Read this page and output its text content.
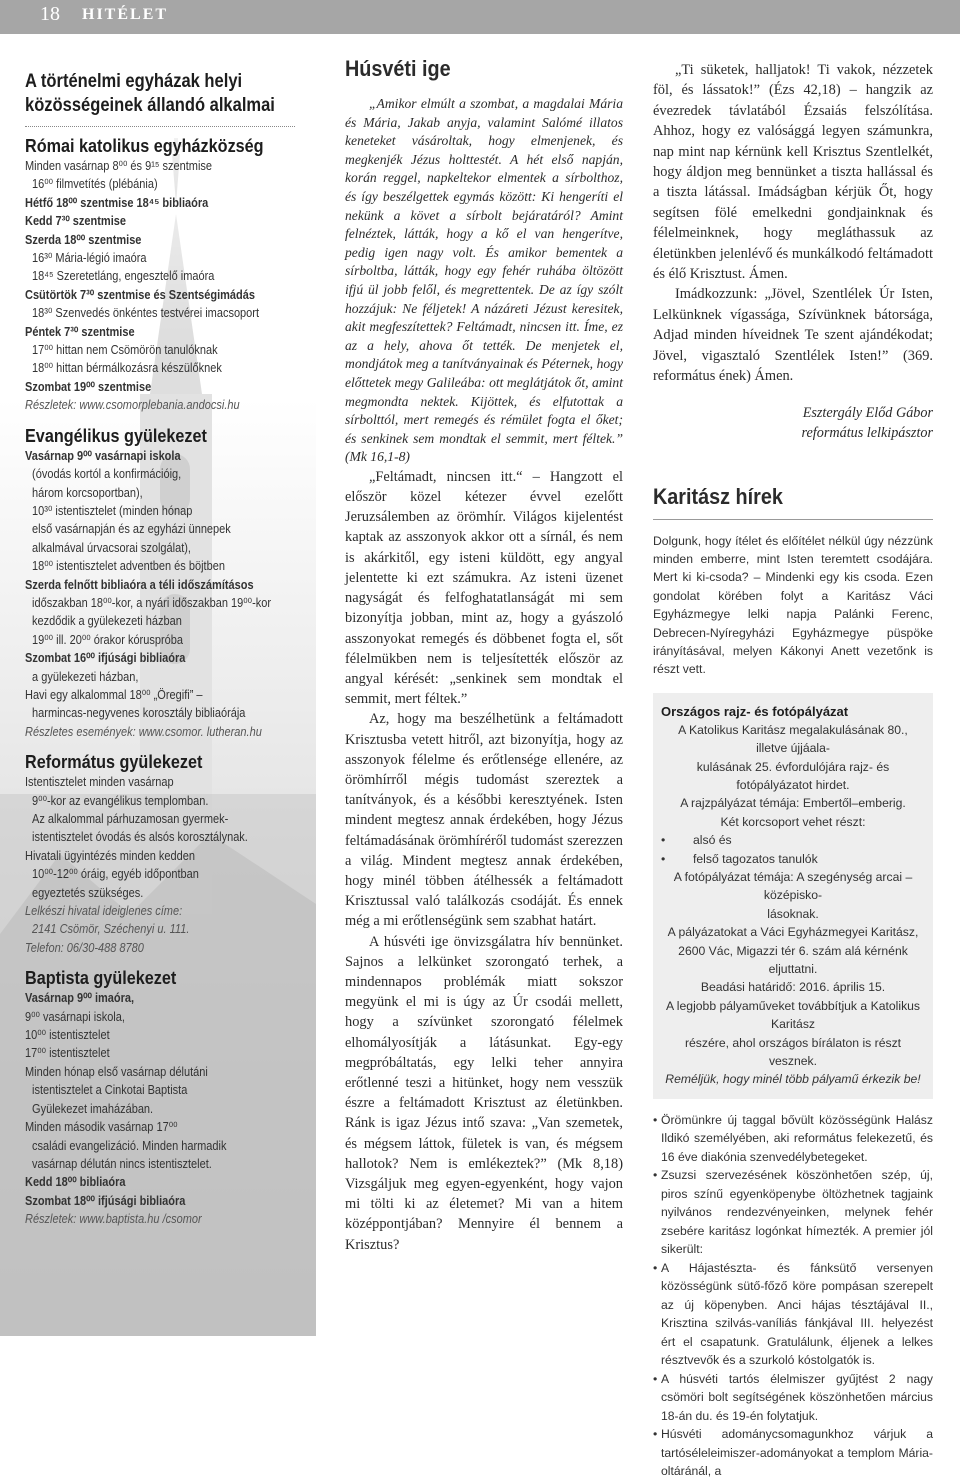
18 HITÉLET
A történelmi egyházak helyi
közösségeinek állandó alkalmai
Római katolikus egyházközség
Minden vasárnap 8⁰⁰ és 9¹⁵ szentmise
16⁰⁰ filmvetítés (plébánia)
Hétfő 18⁰⁰ szentmise 18⁴⁵ bibliaóra
Kedd 7³⁰ szentmise
Szerda 18⁰⁰ szentmise
16³⁰ Mária-légió imaóra
18⁴⁵ Szeretetláng, engesztelő imaóra
Csütörtök 7³⁰ szentmise és Szentségimádás
18³⁰ Szenvedés önkéntes testvérei imacsoport
Péntek 7³⁰ szentmise
17⁰⁰ hittan nem Csömörön tanulóknak
18⁰⁰ hittan bérmálkozásra készülőknek
Szombat 19⁰⁰ szentmise
Részletek: www.csomorplebania.andocsi.hu
Evangélikus gyülekezet
Vasárnap 9⁰⁰ vasárnapi iskola
(óvodás kortól a konfirmációig,
három korcsoportban),
10³⁰ istentisztelet (minden hónap
első vasárnapján és az egyházi ünnepek
alkalmával úrvacsorai szolgálat),
18⁰⁰ istentisztelet adventben és böjtben
Szerda felnőtt bibliaóra a téli időszámításos
időszakban 18⁰⁰-kor, a nyári időszakban 19⁰⁰-kor
kezdődik a gyülekezeti házban
19⁰⁰ ill. 20⁰⁰ órakor kóruspróba
Szombat 16⁰⁰ ifjúsági bibliaóra
a gyülekezeti házban,
Havi egy alkalommal 18⁰⁰ „Öregifi” –
harmincas-negyvenes korosztály bibliaórája
Részletes események: www.csomor. lutheran.hu
Református gyülekezet
Istentisztelet minden vasárnap
9⁰⁰-kor az evangélikus templomban.
Az alkalommal párhuzamosan gyermek-
istentisztelet óvodás és alsós korosztálynak.
Hivatali ügyintézés minden kedden
10⁰⁰-12⁰⁰ óráig, egyéb időpontban
egyeztetés szükséges.
Lelkészi hivatal ideiglenes címe:
2141 Csömör, Széchenyi u. 111.
Telefon: 06/30-488 8780
Baptista gyülekezet
Vasárnap 9⁰⁰ imaóra,
9⁰⁰ vasárnapi iskola,
10⁰⁰ istentisztelet
17⁰⁰ istentisztelet
Minden hónap első vasárnap délutáni
istentisztelet a Cinkotai Baptista
Gyülekezet imaházában.
Minden második vasárnap 17⁰⁰
családi evangelizáció. Minden harmadik
vasárnap délután nincs istentisztelet.
Kedd 18⁰⁰ bibliaóra
Szombat 18⁰⁰ ifjúsági bibliaóra
Részletek: www.baptista.hu /csomor
Húsvéti ige

„Amikor elmúlt a szombat, a magdalai Mária és Mária, Jakab anyja, valamint Salómé illatos keneteket vásároltak, hogy elmenjenek, és megkenjék Jézus holttestét. A hét első napján, korán reggel, napkeltekor elmentek a sírbolthoz, és így beszélgettek egymás között: Ki hengeríti el nekünk a követ a sírbolt bejáratáról? Amint felnéztek, látták, hogy a kő el van hengerítve, pedig igen nagy volt. És amikor bementek a sírboltba, látták, hogy egy fehér ruhába öltözött ifjú ül jobb felől, és megrettentek. De az így szólt hozzájuk: Ne féljetek! A názáreti Jézust keresitek, akit megfeszítettek? Feltámadt, nincsen itt. Íme, ez az a hely, ahova őt tették. De menjetek el, mondjátok meg a tanítványainak és Péternek, hogy előttetek megy Galileába: ott meglátjátok őt, amint megmondta nektek. Kijöttek, és elfutottak a sírbolttól, mert remegés és rémület fogta el őket; és senkinek sem mondtak el semmit, mert féltek.” (Mk 16,1-8)

„Feltámadt, nincsen itt.“ – Hangzott el először közel kétezer évvel ezelőtt Jeruzsálemben az örömhír. Világos kijelentést kaptak az asszonyok akkor ott a sírnál, és nem is akárkitől, egy isteni küldött, egy angyal jelentette ki ezt számukra. Az isteni üzenet nagyságát és felfoghatatlanságát mi sem bizonyítja jobban, mint az, hogy a gyászoló asszonyokat remegés és döbbenet fogta el, sőt félelmükben nem is teljesítették először az angyal kérését: „senkinek sem mondtak el semmit, mert féltek.”

Az, hogy ma beszélhetünk a feltámadott Krisztusba vetett hitről, azt bizonyítja, hogy az asszonyok félelme és erőtlensége ellenére, az örömhírről mégis tudomást szereztek a tanítványok, és a későbbi keresztyének. Isten mindent megtesz annak érdekében, hogy Jézus feltámadásának örömhíréről tudomást szerezzen a világ. Mindent megtesz annak érdekében, hogy minél többen átélhessék a feltámadott Krisztussal való találkozás csodáját. És ennek még a mi erőtlenségünk sem szabhat határt.

A húsvéti ige önvizsgálatra hív bennünket. Sajnos a lelkünket szorongató terhek, a mindennapos problémák miatt sokszor megyünk el mi is úgy az Úr csodái mellett, hogy a szívünket szorongató félelmek elhomályosítják a látásunkat. Egy-egy megpróbáltatás, egy lelki teher annyira erőtlenné teszi a hitünket, hogy nem vesszük észre a feltámadott Krisztust az életünkben. Ránk is igaz Jézus intő szava: „Van szemetek, és mégsem láttok, fületek is van, és mégsem hallotok? Nem is emlékeztek?” (Mk 8,18) Vizsgáljuk meg egyen-egyenként, hogy vajon mi tölti ki az életemet? Mi van a hitem középpontjában? Mennyire él bennem a Krisztus?

„Ti süketek, halljatok! Ti vakok, nézzetek föl, és lássatok!” (Ézs 42,18) – hangzik az évezredek távlatából Ézsaiás felszólítása. Ahhoz, hogy ez valósággá legyen számunkra, nap mint nap kérnünk kell Krisztus Szentlelkét, hogy áldjon meg bennünket a tiszta hallással és a tiszta látással. Imádságban kérjük Őt, hogy segítsen fölé emelkedni gondjainknak és félelmeinknek, hogy megláthassuk az életünkben jelenlévő és munkálkodó feltámadott és élő Krisztust. Ámen.

Imádkozzunk: „Jövel, Szentlélek Úr Isten, Lelkünknek vígassága, Szívünknek bátorsága, Adjad minden híveidnek Te szent ajándékodat; Jövel, vigasztaló Szentlélek Isten!” (369. református ének) Ámen.

Esztergály Előd Gábor
református lelkipásztor
Karitász hírek

Dolgunk, hogy ítélet és előítélet nélkül úgy nézzünk minden emberre, mint Isten teremtett csodájára. Mert ki ki-csoda? – Mindenki egy kis csoda. Ezen gondolat körében folyt a Karitász Váci Egyházmegye lelki napja Palánki Ferenc, Debrecen-Nyíregyházi Egyházmegye püspöke irányításával, melyen Kákonyi Anett vezetőnk is részt vett.

Országos rajz- és fotópályázat
A Katolikus Karitász megalakulásának 80., illetve újjáala-
kulásának 25. évfordulójára rajz- és fotópályázatot hirdet.
A rajzpályázat témája: Embertől–emberig.
Két korcsoport vehet részt:
•	alsó és
•	felső tagozatos tanulók
A fotópályázat témája: A szegénység arcai – középisko-
lásoknak.
A pályázatokat a Váci Egyházmegyei Karitász,
2600 Vác, Migazzi tér 6. szám alá kérnénk eljuttatni.
Beadási határidő: 2016. április 15.
A legjobb pályaműveket továbbítjuk a Katolikus Karitász
részére, ahol országos bírálaton is részt vesznek.
Reméljük, hogy minél több pályamű érkezik be!
• Örömünkre új taggal bővült közösségünk Halász Ildikó személyében, aki református felekezetű, és 16 éve diakónia szenvedélybetegeket.
• Zsuzsi szervezésének köszönhetően szép, új, piros színű egyenköpenybe öltözhetnek tagjaink nyilvános rendezvényeinken, melynek fehér zsebére karitász logónkat hímezték. A premier jól sikerült:
• A Hájastészta- és fánksütő versenyen közösségünk sütő-főző köre pompásan szerepelt az új köpenyben. Anci hájas tésztájával II., Krisztina szilvás-vaníliás fánkjával III. helyezést ért el csapatunk. Gratulálunk, éljenek a lelkes résztvevők és a szurkoló kóstolgatók is.
• A húsvéti tartós élelmiszer gyűjtést 2 nagy csömöri bolt segítségének köszönhetően március 18-án du. és 19-én folytatjuk.
• Húsvéti adománycsomagunkhoz várjuk a tartóséleleimiszer-adományokat a templom Mária-oltáránál, a
